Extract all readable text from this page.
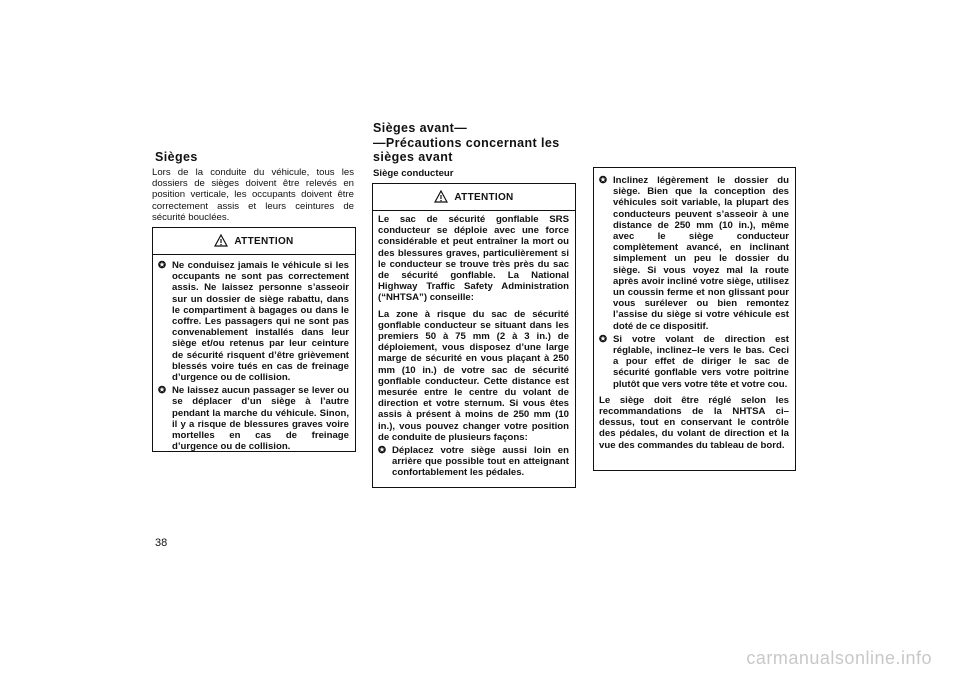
Sièges
Lors de la conduite du véhicule, tous les dossiers de sièges doivent être relevés en position verticale, les occupants doivent être correctement assis et leurs ceintures de sécurité bouclées.
ATTENTION
✪ Ne conduisez jamais le véhicule si les occupants ne sont pas correctement assis. Ne laissez personne s’asseoir sur un dossier de siège rabattu, dans le compartiment à bagages ou dans le coffre. Les passagers qui ne sont pas convenablement installés dans leur siège et/ou retenus par leur ceinture de sécurité risquent d’être grièvement blessés voire tués en cas de freinage d’urgence ou de collision.
✪ Ne laissez aucun passager se lever ou se déplacer d’un siège à l’autre pendant la marche du véhicule. Sinon, il y a risque de blessures graves voire mortelles en cas de freinage d’urgence ou de collision.
38
Sièges avant—
—Précautions concernant les
sièges avant
Siège conducteur
ATTENTION
Le sac de sécurité gonflable SRS conducteur se déploie avec une force considérable et peut entraîner la mort ou des blessures graves, particulièrement si le conducteur se trouve très près du sac de sécurité gonflable. La National Highway Traffic Safety Administration (“NHTSA”) conseille:
La zone à risque du sac de sécurité gonflable conducteur se situant dans les premiers 50 à 75 mm (2 à 3 in.) de déploiement, vous disposez d’une large marge de sécurité en vous plaçant à 250 mm (10 in.) de votre sac de sécurité gonflable conducteur. Cette distance est mesurée entre le centre du volant de direction et votre sternum. Si vous êtes assis à présent à moins de 250 mm (10 in.), vous pouvez changer votre position de conduite de plusieurs façons:
✪ Déplacez votre siège aussi loin en arrière que possible tout en atteignant confortablement les pédales.
✪ Inclinez légèrement le dossier du siège. Bien que la conception des véhicules soit variable, la plupart des conducteurs peuvent s’asseoir à une distance de 250 mm (10 in.), même avec le siège conducteur complètement avancé, en inclinant simplement un peu le dossier du siège. Si vous voyez mal la route après avoir incliné votre siège, utilisez un coussin ferme et non glissant pour vous surélever ou bien remontez l’assise du siège si votre véhicule est doté de ce dispositif.
✪ Si votre volant de direction est réglable, inclinez–le vers le bas. Ceci a pour effet de diriger le sac de sécurité gonflable vers votre poitrine plutôt que vers votre tête et votre cou.
Le siège doit être réglé selon les recommandations de la NHTSA ci–dessus, tout en conservant le contrôle des pédales, du volant de direction et la vue des commandes du tableau de bord.
carmanualsonline.info
